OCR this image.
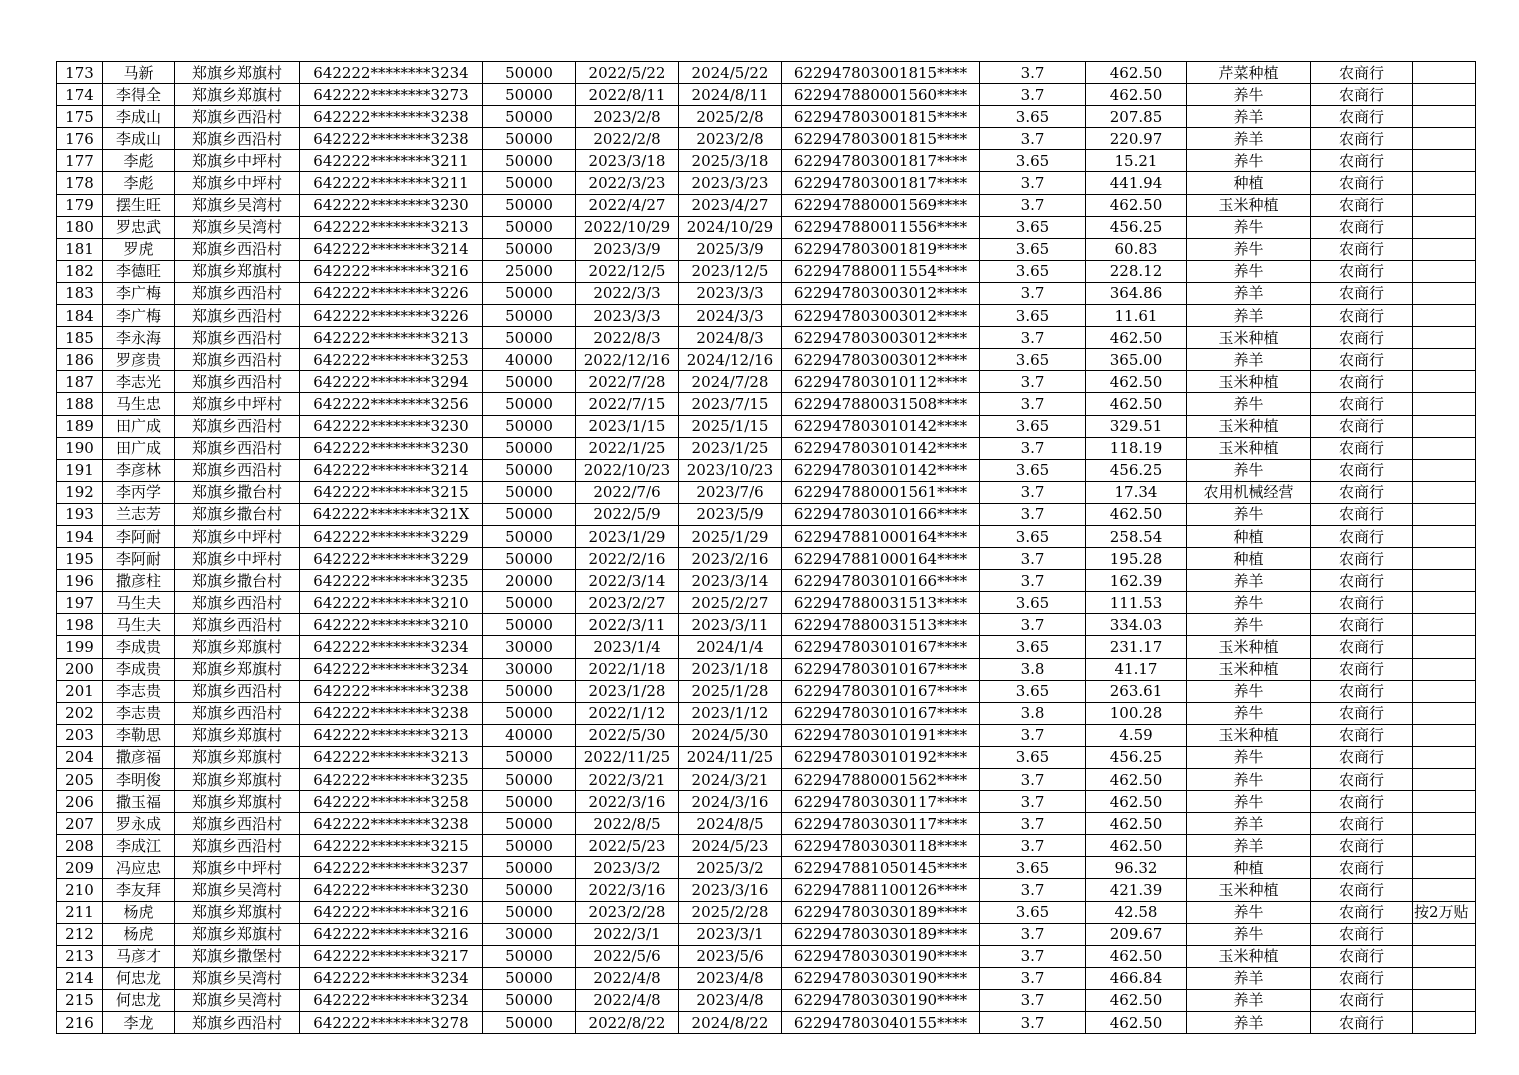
173	马新	郑旗乡郑旗村	642222********3234	50000	2022/5/22	2024/5/22	622947803001815****	3.7	462.50	芹菜种植	农商行	
174	李得全	郑旗乡郑旗村	642222********3273	50000	2022/8/11	2024/8/11	622947880001560****	3.7	462.50	养牛	农商行	
175	李成山	郑旗乡西沿村	642222********3238	50000	2023/2/8	2025/2/8	622947803001815****	3.65	207.85	养羊	农商行	
176	李成山	郑旗乡西沿村	642222********3238	50000	2022/2/8	2023/2/8	622947803001815****	3.7	220.97	养羊	农商行	
177	李彪	郑旗乡中坪村	642222********3211	50000	2023/3/18	2025/3/18	622947803001817****	3.65	15.21	养牛	农商行	
178	李彪	郑旗乡中坪村	642222********3211	50000	2022/3/23	2023/3/23	622947803001817****	3.7	441.94	种植	农商行	
179	摆生旺	郑旗乡吴湾村	642222********3230	50000	2022/4/27	2023/4/27	622947880001569****	3.7	462.50	玉米种植	农商行	
180	罗忠武	郑旗乡吴湾村	642222********3213	50000	2022/10/29	2024/10/29	622947880011556****	3.65	456.25	养牛	农商行	
181	罗虎	郑旗乡西沿村	642222********3214	50000	2023/3/9	2025/3/9	622947803001819****	3.65	60.83	养牛	农商行	
182	李德旺	郑旗乡郑旗村	642222********3216	25000	2022/12/5	2023/12/5	622947880011554****	3.65	228.12	养牛	农商行	
183	李广梅	郑旗乡西沿村	642222********3226	50000	2022/3/3	2023/3/3	622947803003012****	3.7	364.86	养羊	农商行	
184	李广梅	郑旗乡西沿村	642222********3226	50000	2023/3/3	2024/3/3	622947803003012****	3.65	11.61	养羊	农商行	
185	李永海	郑旗乡西沿村	642222********3213	50000	2022/8/3	2024/8/3	622947803003012****	3.7	462.50	玉米种植	农商行	
186	罗彦贵	郑旗乡西沿村	642222********3253	40000	2022/12/16	2024/12/16	622947803003012****	3.65	365.00	养羊	农商行	
187	李志光	郑旗乡西沿村	642222********3294	50000	2022/7/28	2024/7/28	622947803010112****	3.7	462.50	玉米种植	农商行	
188	马生忠	郑旗乡中坪村	642222********3256	50000	2022/7/15	2023/7/15	622947880031508****	3.7	462.50	养牛	农商行	
189	田广成	郑旗乡西沿村	642222********3230	50000	2023/1/15	2025/1/15	622947803010142****	3.65	329.51	玉米种植	农商行	
190	田广成	郑旗乡西沿村	642222********3230	50000	2022/1/25	2023/1/25	622947803010142****	3.7	118.19	玉米种植	农商行	
191	李彦林	郑旗乡西沿村	642222********3214	50000	2022/10/23	2023/10/23	622947803010142****	3.65	456.25	养牛	农商行	
192	李丙学	郑旗乡撒台村	642222********3215	50000	2022/7/6	2023/7/6	622947880001561****	3.7	17.34	农用机械经营	农商行	
193	兰志芳	郑旗乡撒台村	642222********321X	50000	2022/5/9	2023/5/9	622947803010166****	3.7	462.50	养牛	农商行	
194	李阿耐	郑旗乡中坪村	642222********3229	50000	2023/1/29	2025/1/29	622947881000164****	3.65	258.54	种植	农商行	
195	李阿耐	郑旗乡中坪村	642222********3229	50000	2022/2/16	2023/2/16	622947881000164****	3.7	195.28	种植	农商行	
196	撒彦柱	郑旗乡撒台村	642222********3235	20000	2022/3/14	2023/3/14	622947803010166****	3.7	162.39	养羊	农商行	
197	马生夫	郑旗乡西沿村	642222********3210	50000	2023/2/27	2025/2/27	622947880031513****	3.65	111.53	养牛	农商行	
198	马生夫	郑旗乡西沿村	642222********3210	50000	2022/3/11	2023/3/11	622947880031513****	3.7	334.03	养牛	农商行	
199	李成贵	郑旗乡郑旗村	642222********3234	30000	2023/1/4	2024/1/4	622947803010167****	3.65	231.17	玉米种植	农商行	
200	李成贵	郑旗乡郑旗村	642222********3234	30000	2022/1/18	2023/1/18	622947803010167****	3.8	41.17	玉米种植	农商行	
201	李志贵	郑旗乡西沿村	642222********3238	50000	2023/1/28	2025/1/28	622947803010167****	3.65	263.61	养牛	农商行	
202	李志贵	郑旗乡西沿村	642222********3238	50000	2022/1/12	2023/1/12	622947803010167****	3.8	100.28	养牛	农商行	
203	李勒思	郑旗乡郑旗村	642222********3213	40000	2022/5/30	2024/5/30	622947803010191****	3.7	4.59	玉米种植	农商行	
204	撒彦福	郑旗乡郑旗村	642222********3213	50000	2022/11/25	2024/11/25	622947803010192****	3.65	456.25	养牛	农商行	
205	李明俊	郑旗乡郑旗村	642222********3235	50000	2022/3/21	2024/3/21	622947880001562****	3.7	462.50	养牛	农商行	
206	撒玉福	郑旗乡郑旗村	642222********3258	50000	2022/3/16	2024/3/16	622947803030117****	3.7	462.50	养牛	农商行	
207	罗永成	郑旗乡西沿村	642222********3238	50000	2022/8/5	2024/8/5	622947803030117****	3.7	462.50	养羊	农商行	
208	李成江	郑旗乡西沿村	642222********3215	50000	2022/5/23	2024/5/23	622947803030118****	3.7	462.50	养羊	农商行	
209	冯应忠	郑旗乡中坪村	642222********3237	50000	2023/3/2	2025/3/2	622947881050145****	3.65	96.32	种植	农商行	
210	李友拜	郑旗乡吴湾村	642222********3230	50000	2022/3/16	2023/3/16	622947881100126****	3.7	421.39	玉米种植	农商行	
211	杨虎	郑旗乡郑旗村	642222********3216	50000	2023/2/28	2025/2/28	622947803030189****	3.65	42.58	养牛	农商行	按2万贴
212	杨虎	郑旗乡郑旗村	642222********3216	30000	2022/3/1	2023/3/1	622947803030189****	3.7	209.67	养牛	农商行	
213	马彦才	郑旗乡撒堡村	642222********3217	50000	2022/5/6	2023/5/6	622947803030190****	3.7	462.50	玉米种植	农商行	
214	何忠龙	郑旗乡吴湾村	642222********3234	50000	2022/4/8	2023/4/8	622947803030190****	3.7	466.84	养羊	农商行	
215	何忠龙	郑旗乡吴湾村	642222********3234	50000	2022/4/8	2023/4/8	622947803030190****	3.7	462.50	养羊	农商行	
216	李龙	郑旗乡西沿村	642222********3278	50000	2022/8/22	2024/8/22	622947803040155****	3.7	462.50	养羊	农商行	
